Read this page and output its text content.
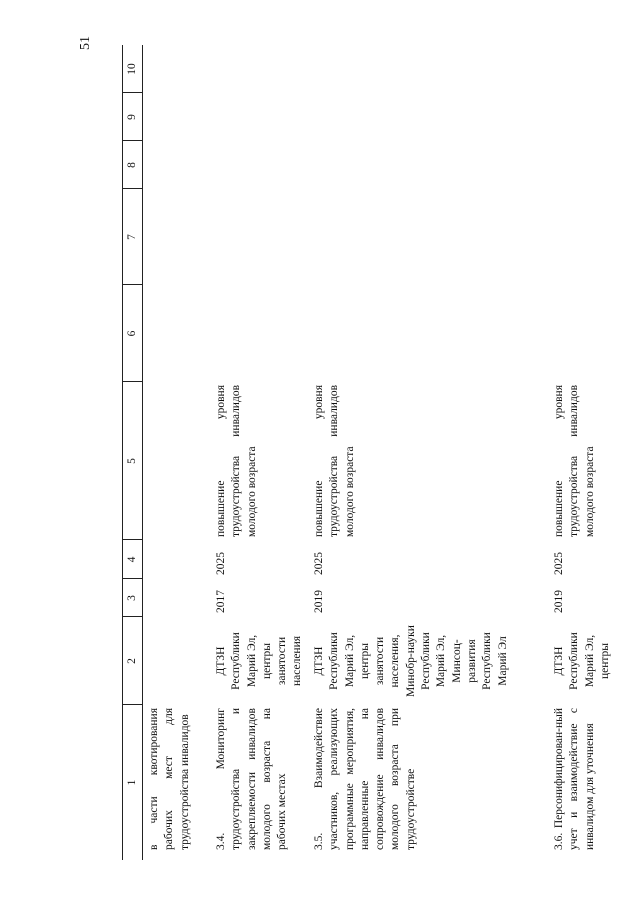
51
1
2
3
4
5
6
7
8
9
10
в части квотирования рабочих мест для трудоустройства инвалидов 3.4. Мониторинг трудоустройства и закрепляемости инвалидов молодого возраста на рабочих местах
ДТЗН Республики Марий Эл, центры занятости населения
2017
2025
повышение уровня трудоустройства инвалидов молодого возраста
3.5. Взаимодействие участников, реализующих программные мероприятия, направленные на сопровождение инвалидов молодого возраста при трудоустройстве
ДТЗН Республики Марий Эл, центры занятости населения, Минобр-науки Республики Марий Эл, Минсоц-развития Республики Марий Эл
2019
2025
повышение уровня трудоустройства инвалидов молодого возраста
3.6. Персонифицирован-ный учет и взаимодействие с инвалидом для уточнения
ДТЗН Республики Марий Эл, центры
2019
2025
повышение уровня трудоустройства инвалидов молодого возраста
